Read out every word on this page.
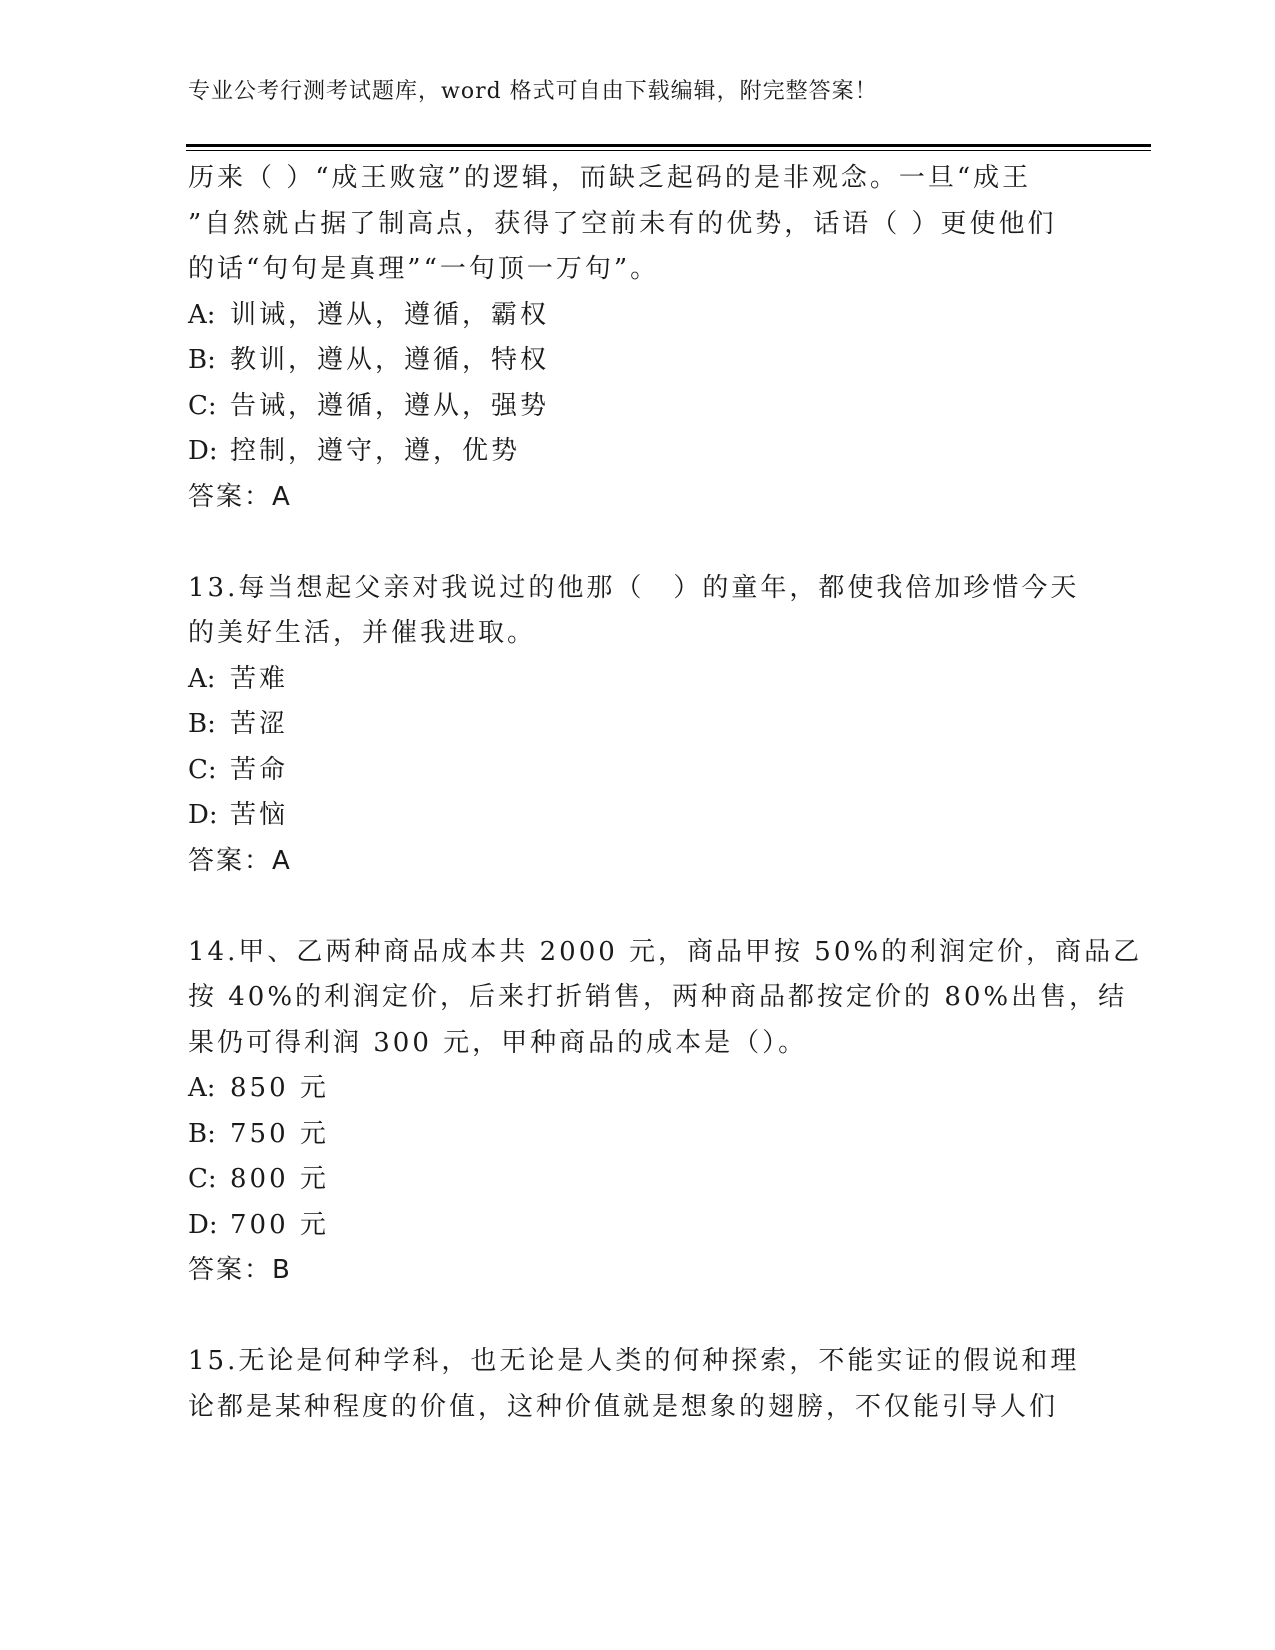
专业公考行测考试题库，word 格式可自由下载编辑，附完整答案！
历来（ ）“成王败寇”的逻辑，而缺乏起码的是非观念。一旦“成王
”自然就占据了制高点，获得了空前未有的优势，话语（ ）更使他们
的话“句句是真理”“一句顶一万句”。
A: 训诫，遵从，遵循，霸权
B: 教训，遵从，遵循，特权
C: 告诫，遵循，遵从，强势
D: 控制，遵守，遵，优势
答案：A
13.每当想起父亲对我说过的他那（　）的童年，都使我倍加珍惜今天
的美好生活，并催我进取。
A: 苦难
B: 苦涩
C: 苦命
D: 苦恼
答案：A
14.甲、乙两种商品成本共 2000 元，商品甲按 50%的利润定价，商品乙
按 40%的利润定价，后来打折销售，两种商品都按定价的 80%出售，结
果仍可得利润 300 元，甲种商品的成本是（）。
A: 850 元
B: 750 元
C: 800 元
D: 700 元
答案：B
15.无论是何种学科，也无论是人类的何种探索，不能实证的假说和理
论都是某种程度的价值，这种价值就是想象的翅膀，不仅能引导人们
